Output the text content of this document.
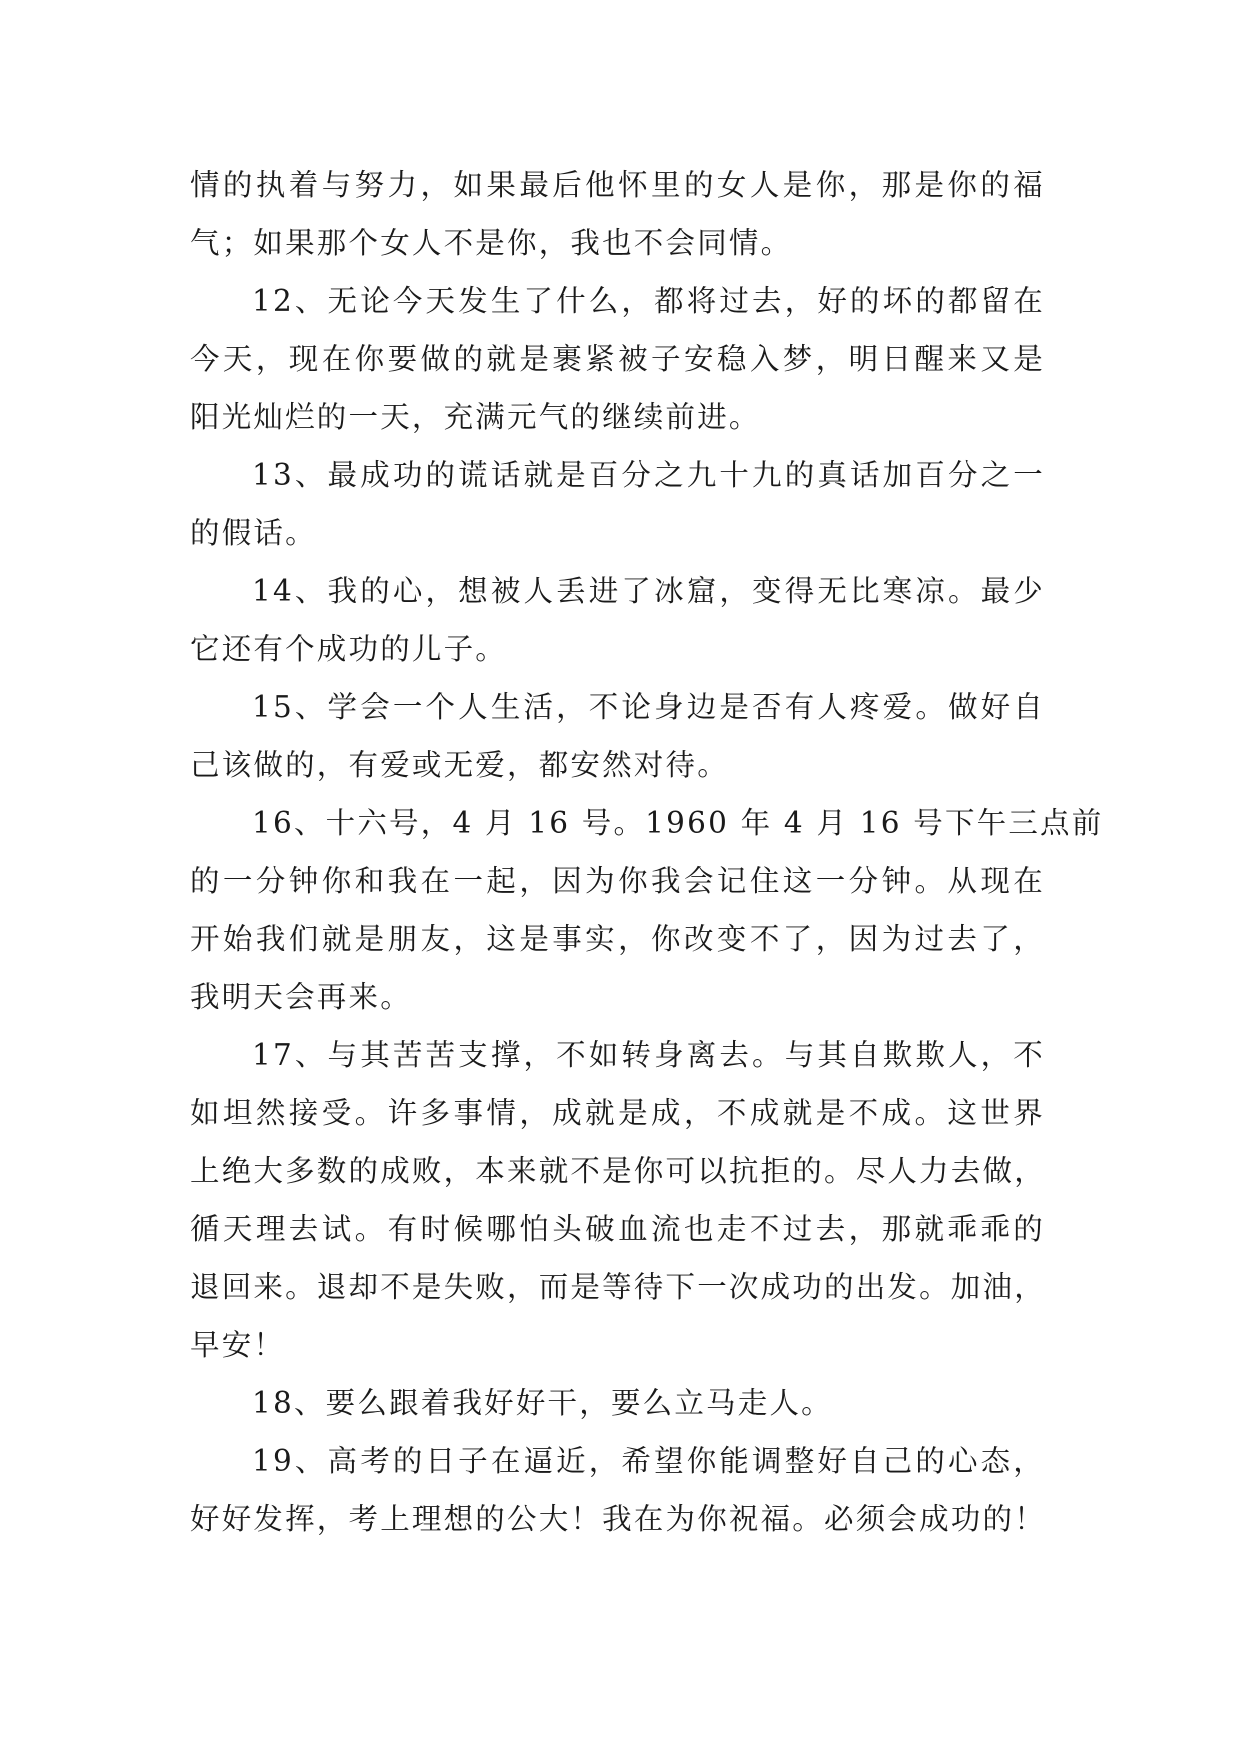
情的执着与努力，如果最后他怀里的女人是你，那是你的福
气；如果那个女人不是你，我也不会同情。
12、无论今天发生了什么，都将过去，好的坏的都留在
今天，现在你要做的就是裹紧被子安稳入梦，明日醒来又是
阳光灿烂的一天，充满元气的继续前进。
13、最成功的谎话就是百分之九十九的真话加百分之一
的假话。
14、我的心，想被人丢进了冰窟，变得无比寒凉。最少
它还有个成功的儿子。
15、学会一个人生活，不论身边是否有人疼爱。做好自
己该做的，有爱或无爱，都安然对待。
16、十六号，4 月 16 号。1960 年 4 月 16 号下午三点前
的一分钟你和我在一起，因为你我会记住这一分钟。从现在
开始我们就是朋友，这是事实，你改变不了，因为过去了，
我明天会再来。
17、与其苦苦支撑，不如转身离去。与其自欺欺人，不
如坦然接受。许多事情，成就是成，不成就是不成。这世界
上绝大多数的成败，本来就不是你可以抗拒的。尽人力去做，
循天理去试。有时候哪怕头破血流也走不过去，那就乖乖的
退回来。退却不是失败，而是等待下一次成功的出发。加油，
早安！
18、要么跟着我好好干，要么立马走人。
19、高考的日子在逼近，希望你能调整好自己的心态，
好好发挥，考上理想的公大！我在为你祝福。必须会成功的！
